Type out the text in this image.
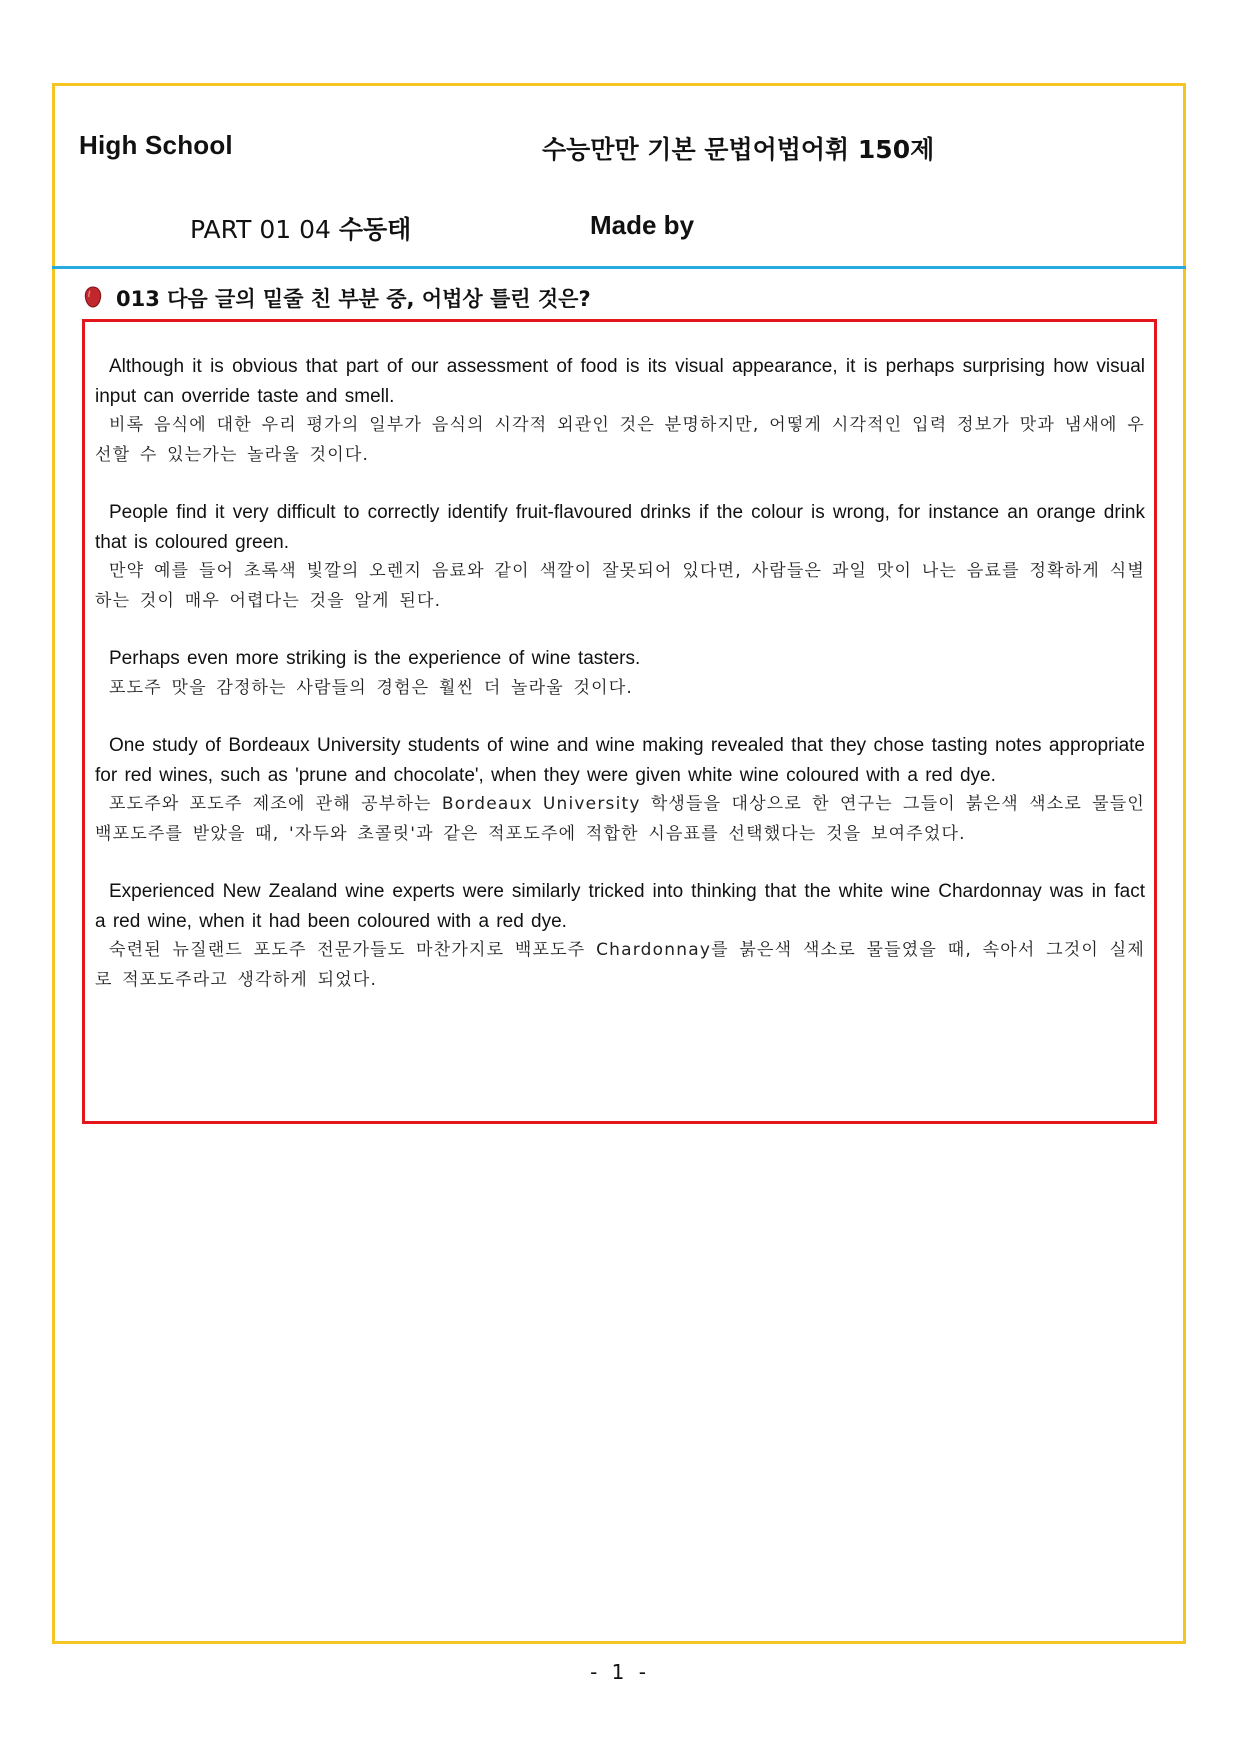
High School	수능만만 기본 문법어법어휘 150제
PART 01 04 수동태	Made by
013 다음 글의 밑줄 친 부분 중, 어법상 틀린 것은?
Although it is obvious that part of our assessment of food is its visual appearance, it is perhaps surprising how visual input can override taste and smell.
비록 음식에 대한 우리 평가의 일부가 음식의 시각적 외관인 것은 분명하지만, 어떻게 시각적인 입력 정보가 맛과 냄새에 우선할 수 있는가는 놀라울 것이다.
People find it very difficult to correctly identify fruit-flavoured drinks if the colour is wrong, for instance an orange drink that is coloured green.
만약 예를 들어 초록색 빛깔의 오렌지 음료와 같이 색깔이 잘못되어 있다면, 사람들은 과일 맛이 나는 음료를 정확하게 식별하는 것이 매우 어렵다는 것을 알게 된다.
Perhaps even more striking is the experience of wine tasters.
포도주 맛을 감정하는 사람들의 경험은 훨씬 더 놀라울 것이다.
One study of Bordeaux University students of wine and wine making revealed that they chose tasting notes appropriate for red wines, such as 'prune and chocolate', when they were given white wine coloured with a red dye.
포도주와 포도주 제조에 관해 공부하는 Bordeaux University 학생들을 대상으로 한 연구는 그들이 붉은색 색소로 물들인 백포도주를 받았을 때, '자두와 초콜릿'과 같은 적포도주에 적합한 시음표를 선택했다는 것을 보여주었다.
Experienced New Zealand wine experts were similarly tricked into thinking that the white wine Chardonnay was in fact a red wine, when it had been coloured with a red dye.
숙련된 뉴질랜드 포도주 전문가들도 마찬가지로 백포도주 Chardonnay를 붉은색 색소로 물들였을 때, 속아서 그것이 실제로 적포도주라고 생각하게 되었다.
- 1 -
